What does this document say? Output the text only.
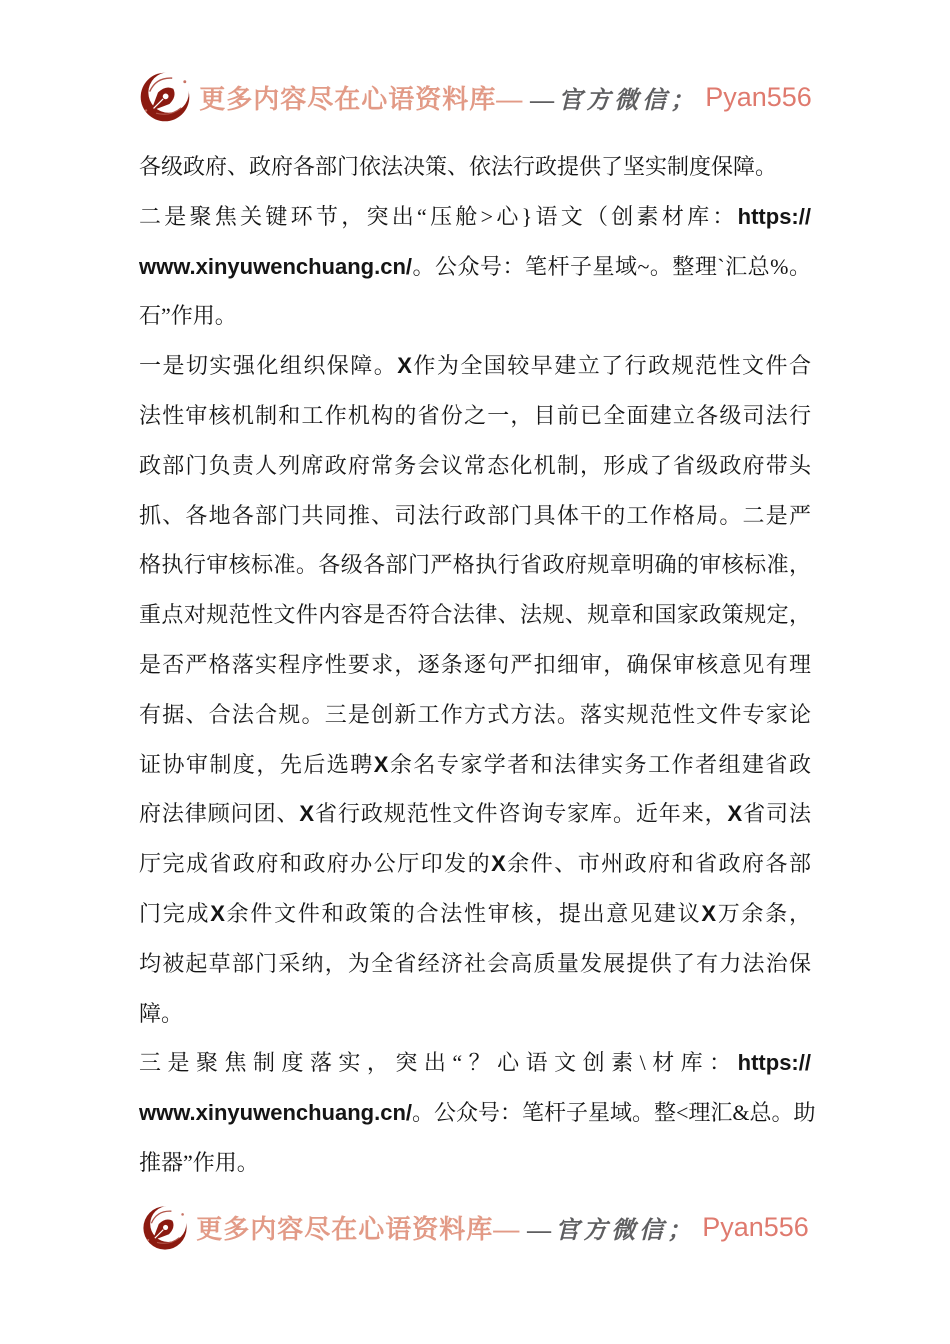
更多内容尽在心语资料库— —官方微信； Pyan556
各级政府、政府各部门依法决策、依法行政提供了坚实制度保障。
二是聚焦关键环节，突出“压舱>心}语文（创素材库：https://
www.xinyuwenchuang.cn/。公众号：笔杆子星域~。整理`汇总%。
石”作用。
一是切实强化组织保障。X作为全国较早建立了行政规范性文件合
法性审核机制和工作机构的省份之一，目前已全面建立各级司法行
政部门负责人列席政府常务会议常态化机制，形成了省级政府带头
抓、各地各部门共同推、司法行政部门具体干的工作格局。二是严
格执行审核标准。各级各部门严格执行省政府规章明确的审核标准，
重点对规范性文件内容是否符合法律、法规、规章和国家政策规定，
是否严格落实程序性要求，逐条逐句严扣细审，确保审核意见有理
有据、合法合规。三是创新工作方式方法。落实规范性文件专家论
证协审制度，先后选聘X余名专家学者和法律实务工作者组建省政
府法律顾问团、X省行政规范性文件咨询专家库。近年来，X省司法
厅完成省政府和政府办公厅印发的X余件、市州政府和省政府各部
门完成X余件文件和政策的合法性审核，提出意见建议X万余条，
均被起草部门采纳，为全省经济社会高质量发展提供了有力法治保
障。
三是聚焦制度落实，突出“？心语文创素\材库：https://
www.xinyuwenchuang.cn/。公众号：笔杆子星域。整<理汇&总。助
推器”作用。
更多内容尽在心语资料库— —官方微信； Pyan556
